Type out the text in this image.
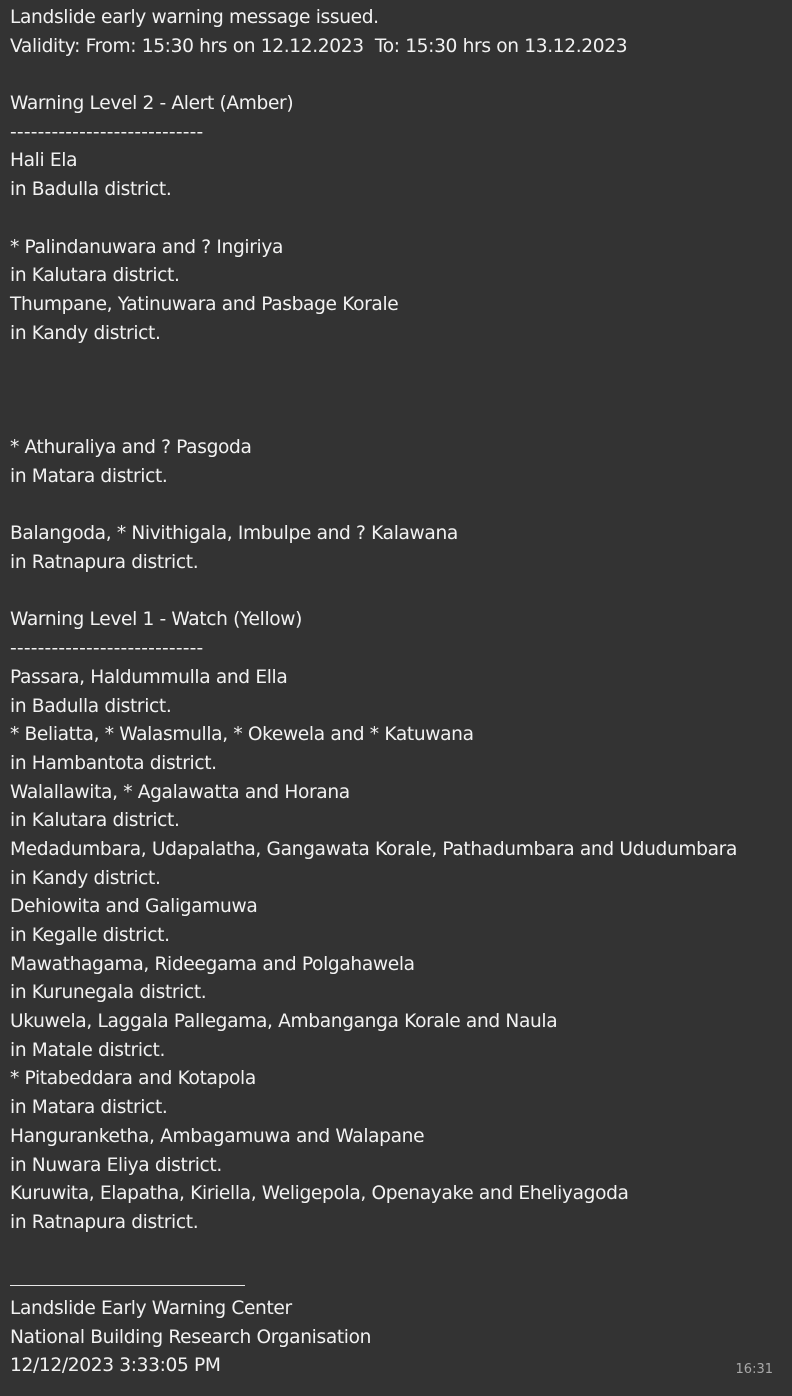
Landslide early warning message issued.
Validity: From: 15:30 hrs on 12.12.2023  To: 15:30 hrs on 13.12.2023
Warning Level 2 - Alert (Amber)
----------------------------
Hali Ela
in Badulla district.
* Palindanuwara and ? Ingiriya
in Kalutara district.
Thumpane, Yatinuwara and Pasbage Korale
in Kandy district.
* Athuraliya and ? Pasgoda
in Matara district.
Balangoda, * Nivithigala, Imbulpe and ? Kalawana
in Ratnapura district.
Warning Level 1 - Watch (Yellow)
----------------------------
Passara, Haldummulla and Ella
in Badulla district.
* Beliatta, * Walasmulla, * Okewela and * Katuwana
in Hambantota district.
Walallawita, * Agalawatta and Horana
in Kalutara district.
Medadumbara, Udapalatha, Gangawata Korale, Pathadumbara and Ududumbara
in Kandy district.
Dehiowita and Galigamuwa
in Kegalle district.
Mawathagama, Rideegama and Polgahawela
in Kurunegala district.
Ukuwela, Laggala Pallegama, Ambanganga Korale and Naula
in Matale district.
* Pitabeddara and Kotapola
in Matara district.
Hanguranketha, Ambagamuwa and Walapane
in Nuwara Eliya district.
Kuruwita, Elapatha, Kiriella, Weligepola, Openayake and Eheliyagoda
in Ratnapura district.
Landslide Early Warning Center
National Building Research Organisation
12/12/2023 3:33:05 PM	16:31
